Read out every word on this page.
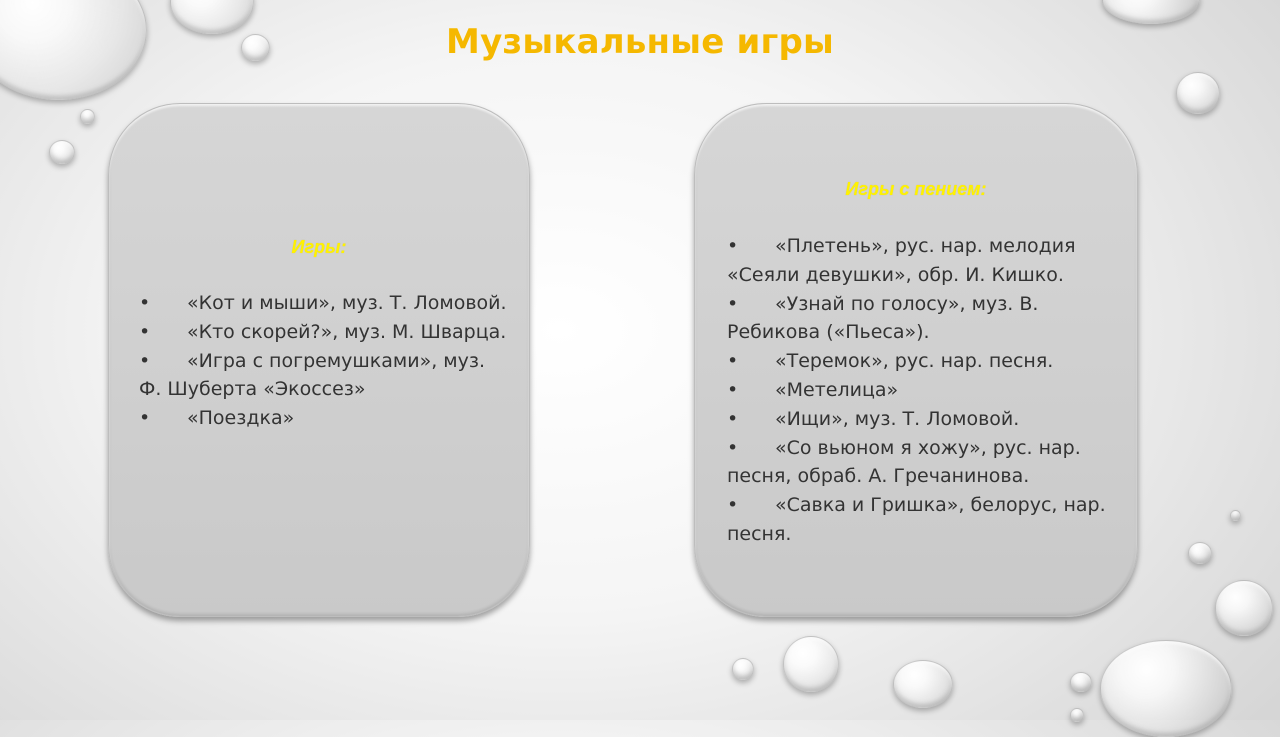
Музыкальные игры
Игры:
• «Кот и мыши», муз. Т. Ломовой.
• «Кто скорей?», муз. М. Шварца.
• «Игра с погремушками», муз. Ф. Шуберта «Экоссез»
• «Поездка»
Игры с пением:
• «Плетень», рус. нар. мелодия «Сеяли девушки», обр. И. Кишко.
• «Узнай по голосу», муз. В. Ребикова («Пьеса»).
• «Теремок», рус. нар. песня.
• «Метелица»
• «Ищи», муз. Т. Ломовой.
• «Со вьюном я хожу», рус. нар. песня, обраб. А. Гречанинова.
• «Савка и Гришка», белорус, нар. песня.
